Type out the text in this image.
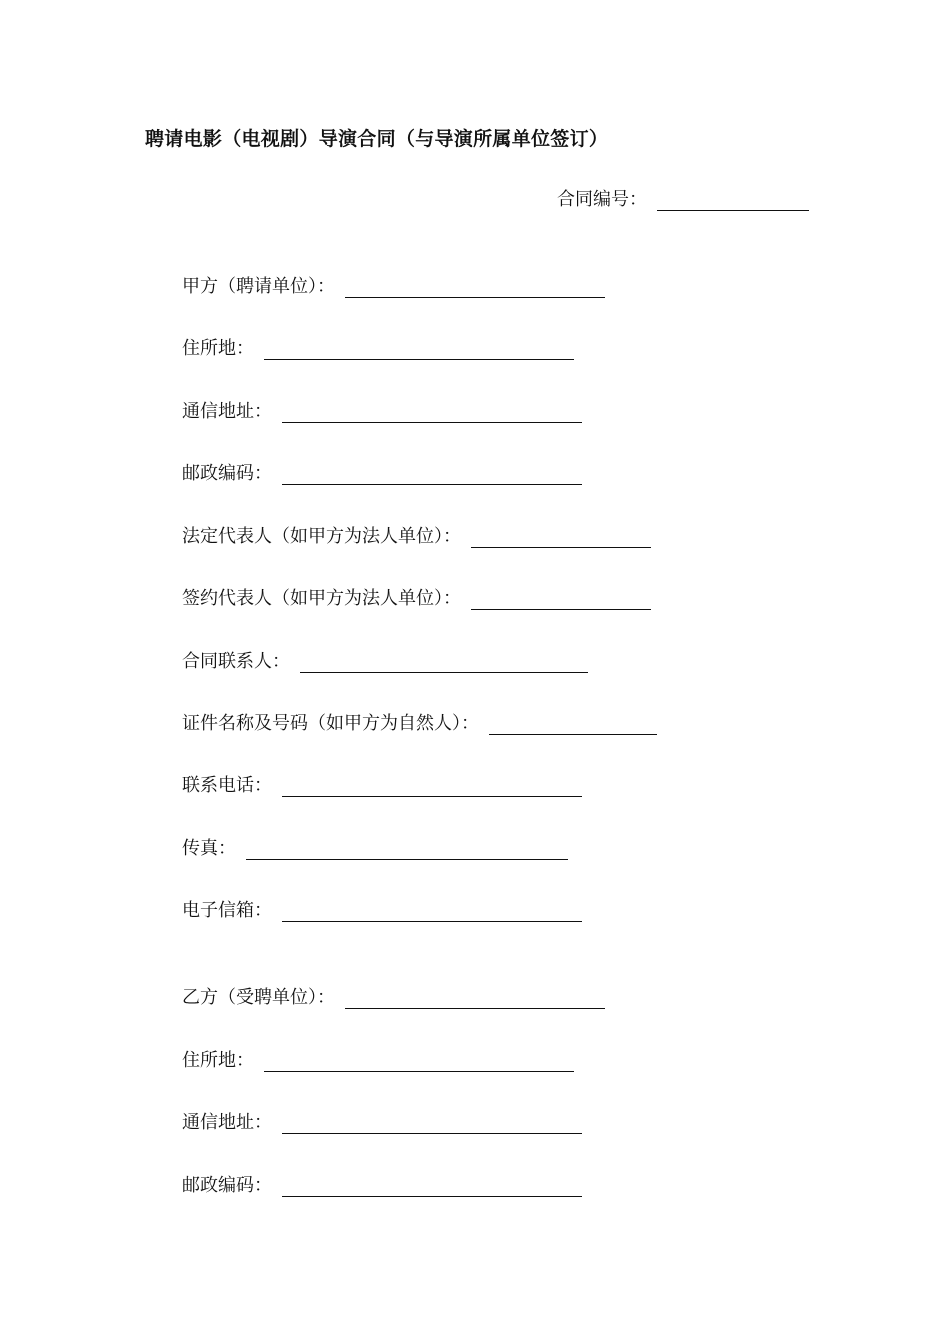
聘请电影（电视剧）导演合同（与导演所属单位签订）
合同编号：
甲方（聘请单位）：
住所地：
通信地址：
邮政编码：
法定代表人（如甲方为法人单位）：
签约代表人（如甲方为法人单位）：
合同联系人：
证件名称及号码（如甲方为自然人）：
联系电话：
传真：
电子信箱：
乙方（受聘单位）：
住所地：
通信地址：
邮政编码：
